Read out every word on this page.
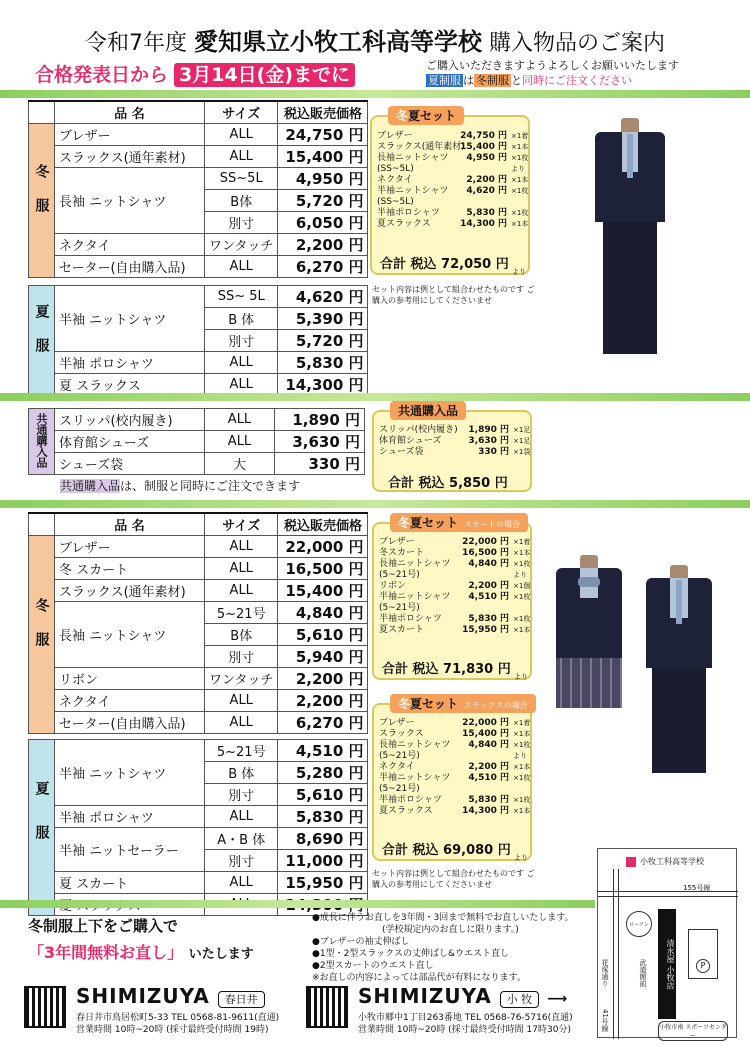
令和7年度 愛知県立小牧工科高等学校 購入物品のご案内
合格発表日から 3月14日(金)までに	ご購入いただきますようよろしくお願いいたします
夏制服 は 冬制服 と同時にご注文ください
1型	品 名	サイズ	税込販売価格
冬服	ブレザー	ALL	24,750 円
	スラックス(通年素材)	ALL	15,400 円
	長袖 ニットシャツ	SS~5L	4,950 円
		B体	5,720 円
		別寸	6,050 円
	ネクタイ	ワンタッチ	2,200 円
	セーター(自由購入品)	ALL	6,270 円

夏服	半袖 ニットシャツ	SS~ 5L	4,620 円
		B 体	5,390 円
		別寸	5,720 円
	半袖 ポロシャツ	ALL	5,830 円
	夏 スラックス	ALL	14,300 円
冬夏セット
ブレザー	24,750 円 ×1着
スラックス(通年素材)
15,400 円 ×1本
長袖ニットシャツ	4,950 円 ×1枚
(SS~5L)	より
ネクタイ	2,200 円 ×1本
半袖ニットシャツ	4,620 円 ×1枚
(SS~5L)
半袖ポロシャツ	5,830 円 ×1枚
夏スラックス	14,300 円 ×1本
合計 税込 72,050 円 より
セット内容は例として組合わせたものです ご購入の参考用にしてくださいませ
共通購入品	スリッパ(校内履き)	ALL	1,890 円
	体育館シューズ	ALL	3,630 円
	シューズ袋	大	330 円
共通購入品は、制服と同時にご注文できます
共通購入品
スリッパ(校内履き)	1,890 円 ×1足
体育館シューズ	3,630 円 ×1足
シューズ袋	330 円 ×1袋
合計 税込 5,850 円
2型	品 名	サイズ	税込販売価格
冬服	ブレザー	ALL	22,000 円
	冬 スカート	ALL	16,500 円
	スラックス(通年素材)	ALL	15,400 円
	長袖 ニットシャツ	5~21号	4,840 円
		B体	5,610 円
		別寸	5,940 円
	リボン	ワンタッチ	2,200 円
	ネクタイ	ALL	2,200 円
	セーター(自由購入品)	ALL	6,270 円

夏服	半袖 ニットシャツ	5~21号	4,510 円
		B 体	5,280 円
		別寸	5,610 円
	半袖 ポロシャツ	ALL	5,830 円
	半袖 ニットセーラー	A・B 体	8,690 円
		別寸	11,000 円
	夏 スカート	ALL	15,950 円

冬夏セット スカートの場合
ブレザー	22,000 円 ×1着
冬スカート	16,500 円 ×1本
長袖ニットシャツ	4,840 円 ×1枚
(5~21号)	より
リボン	2,200 円 ×1個
半袖ニットシャツ	4,510 円 ×1枚
(5~21号)
半袖ポロシャツ	5,830 円 ×1枚
夏スカート	15,950 円 ×1本
合計 税込 71,830 円 より
冬夏セット スラックスの場合
ブレザー	22,000 円 ×1着
スラックス	15,400 円 ×1本
長袖ニットシャツ	4,840 円 ×1枚
(5~21号)	より
ネクタイ	2,200 円 ×1本
半袖ニットシャツ	4,510 円 ×1枚
(5~21号)
半袖ポロシャツ	5,830 円 ×1枚
夏スラックス	14,300 円 ×1本
合計 税込 69,080 円 より
セット内容は例として組合わせたものです ご購入の参考用にしてくださいませ
小牧工科高等学校
155号線
清水屋 小牧店	P
ローソン
花塚通り	武道館前
41号線	小牧市南 スポーツセンター
冬制服上下をご購入で
「3年間無料お直し」 いたします
●成長に伴うお直しを3年間・3回まで無料でお直しいたします。
(学校規定内のお直しに限ります。)
●ブレザーの袖丈伸ばし
●1型・2型スラックスの丈伸ばし&ウエスト直し
●2型スカートのウエスト直し
※お直しの内容によっては部品代が有料になります。
SHIMIZUYA 春日井
春日井市鳥居松町5-33 TEL 0568-81-9611(直通)
営業時間 10時~20時 (採寸最終受付時間 19時)
SHIMIZUYA 小 牧 ⟶
小牧市郷中1丁目263番地 TEL 0568-76-5716(直通)
営業時間 10時~20時 (採寸最終受付時間 17時30分)
